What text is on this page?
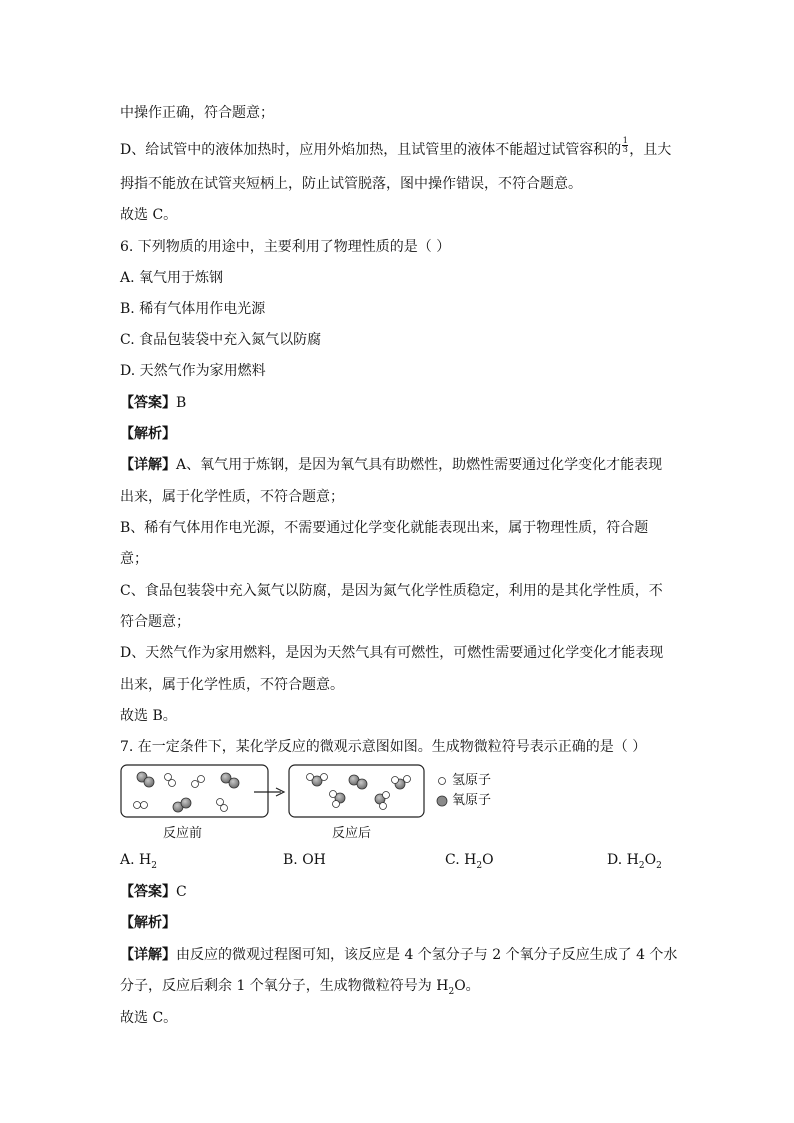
中操作正确，符合题意；
D、给试管中的液体加热时，应用外焰加热，且试管里的液体不能超过试管容积的 $\frac{1}{3}$ ，且大
拇指不能放在试管夹短柄上，防止试管脱落，图中操作错误，不符合题意。
故选 C。
6. 下列物质的用途中，主要利用了物理性质的是（ ）
A. 氧气用于炼钢
B. 稀有气体用作电光源
C. 食品包装袋中充入氮气以防腐
D. 天然气作为家用燃料
【答案】B
【解析】
【详解】A、氧气用于炼钢，是因为氧气具有助燃性，助燃性需要通过化学变化才能表现
出来，属于化学性质，不符合题意；
B、稀有气体用作电光源，不需要通过化学变化就能表现出来，属于物理性质，符合题
意；
C、食品包装袋中充入氮气以防腐，是因为氮气化学性质稳定，利用的是其化学性质，不
符合题意；
D、天然气作为家用燃料，是因为天然气具有可燃性，可燃性需要通过化学变化才能表现
出来，属于化学性质，不符合题意。
故选 B。
7. 在一定条件下，某化学反应的微观示意图如图。生成物微粒符号表示正确的是（ ）
氢原子
氧原子
反应前	反应后
A. $H_2$	B. OH	C. $H_2O$	D. $H_2O_2$
【答案】C
【解析】
【详解】由反应的微观过程图可知，该反应是 4 个氢分子与 2 个氧分子反应生成了 4 个水
分子，反应后剩余 1 个氧分子，生成物微粒符号为 $H_2O$。
故选 C。
